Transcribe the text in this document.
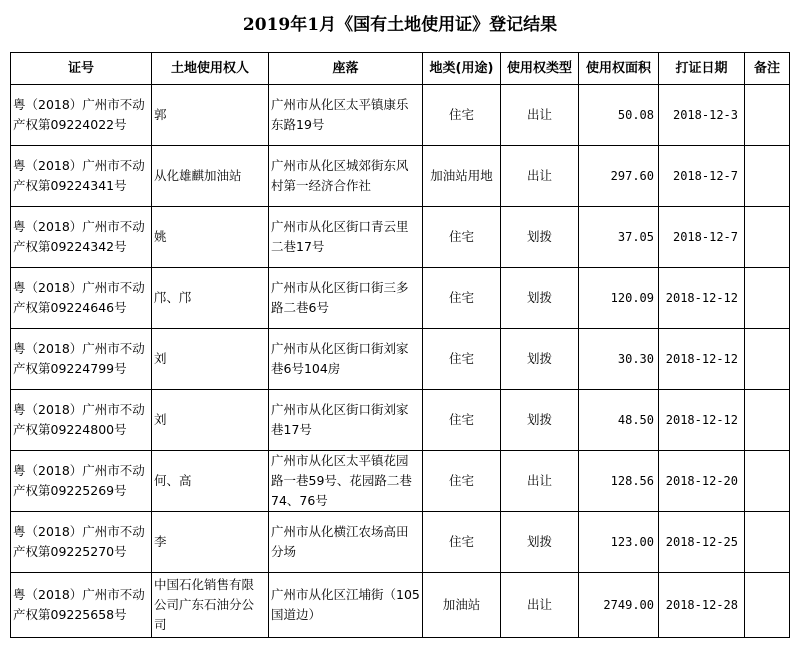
2019年1月《国有土地使用证》登记结果
证号	土地使用权人	座落	地类(用途)	使用权类型	使用权面积	打证日期	备注
粤（2018）广州市不动产权第09224022号	郭	广州市从化区太平镇康乐东路19号	住宅	出让	50.08	2018-12-3	
粤（2018）广州市不动产权第09224341号	从化雄麒加油站	广州市从化区城郊街东风村第一经济合作社	加油站用地	出让	297.60	2018-12-7	
粤（2018）广州市不动产权第09224342号	姚	广州市从化区街口青云里二巷17号	住宅	划拨	37.05	2018-12-7	
粤（2018）广州市不动产权第09224646号	邝、邝	广州市从化区街口街三多路二巷6号	住宅	划拨	120.09	2018-12-12	
粤（2018）广州市不动产权第09224799号	刘	广州市从化区街口街刘家巷6号104房	住宅	划拨	30.30	2018-12-12	
粤（2018）广州市不动产权第09224800号	刘	广州市从化区街口街刘家巷17号	住宅	划拨	48.50	2018-12-12	
粤（2018）广州市不动产权第09225269号	何、高	广州市从化区太平镇花园路一巷59号、花园路二巷74、76号	住宅	出让	128.56	2018-12-20	
粤（2018）广州市不动产权第09225270号	李	广州市从化横江农场高田分场	住宅	划拨	123.00	2018-12-25	
粤（2018）广州市不动产权第09225658号	中国石化销售有限公司广东石油分公司	广州市从化区江埔街（105国道边）	加油站	出让	2749.00	2018-12-28	
